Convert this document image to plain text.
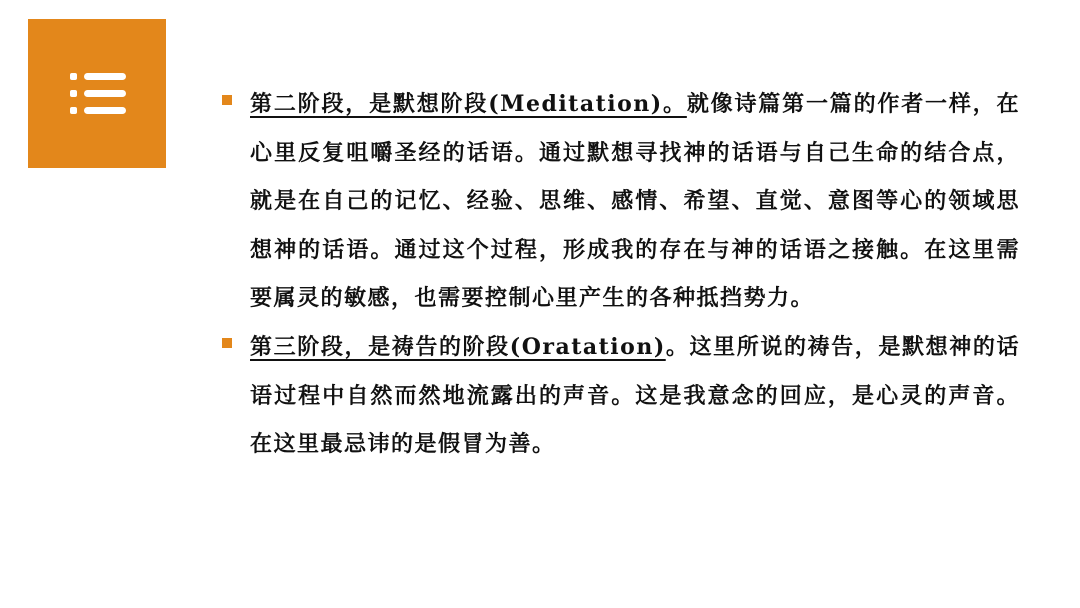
第二阶段，是默想阶段(Meditation)。就像诗篇第一篇的作者一样，在心里反复咀嚼圣经的话语。通过默想寻找神的话语与自己生命的结合点，就是在自己的记忆、经验、思维、感情、希望、直觉、意图等心的领域思想神的话语。通过这个过程，形成我的存在与神的话语之接触。在这里需要属灵的敏感，也需要控制心里产生的各种抵挡势力。
第三阶段，是祷告的阶段(Oratation)。这里所说的祷告，是默想神的话语过程中自然而然地流露出的声音。这是我意念的回应，是心灵的声音。在这里最忌讳的是假冒为善。
